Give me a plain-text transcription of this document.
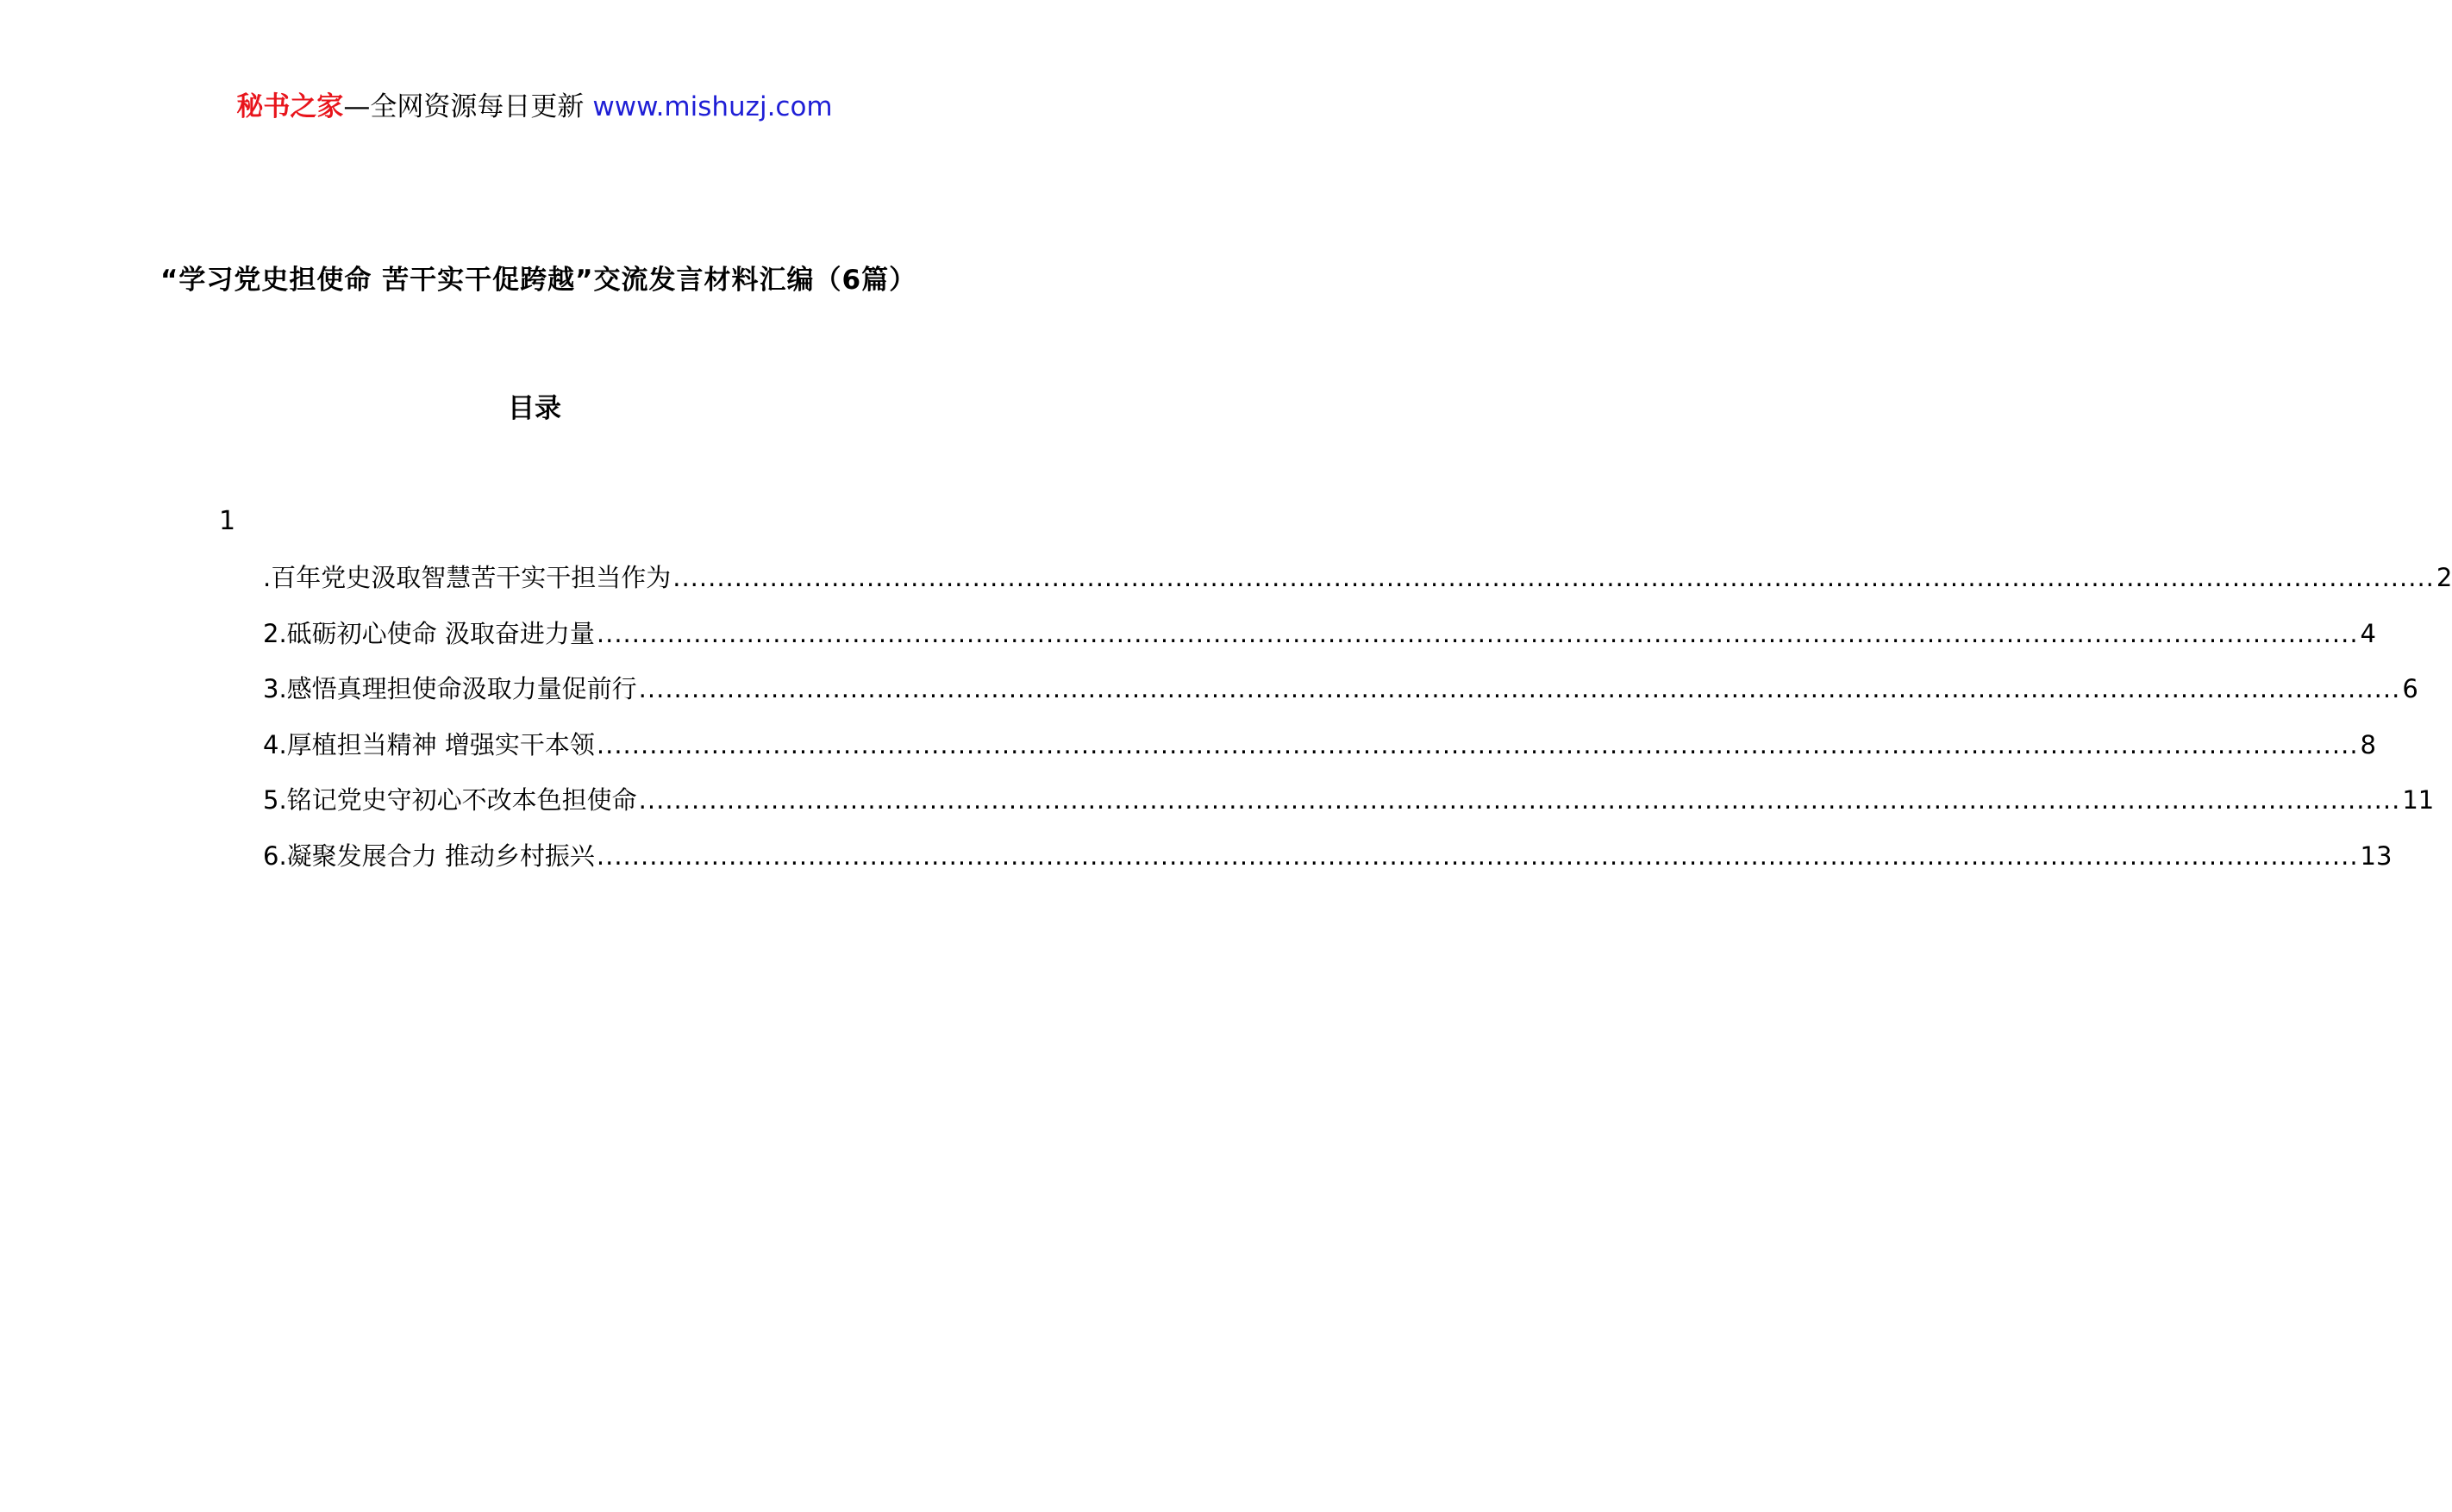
秘书之家—全网资源每日更新 www.mishuzj.com
“学习党史担使命 苦干实干促跨越”交流发言材料汇编（6篇）
目录
1
.百年党史汲取智慧苦干实干担当作为 ........................................................................................................................................................................................................ 2
2.砥砺初心使命 汲取奋进力量 ........................................................................................................................................................................................................ 4
3.感悟真理担使命汲取力量促前行 ........................................................................................................................................................................................................ 6
4.厚植担当精神 增强实干本领 ........................................................................................................................................................................................................ 8
5.铭记党史守初心不改本色担使命 ........................................................................................................................................................................................................ 11
6.凝聚发展合力 推动乡村振兴 ........................................................................................................................................................................................................ 13
